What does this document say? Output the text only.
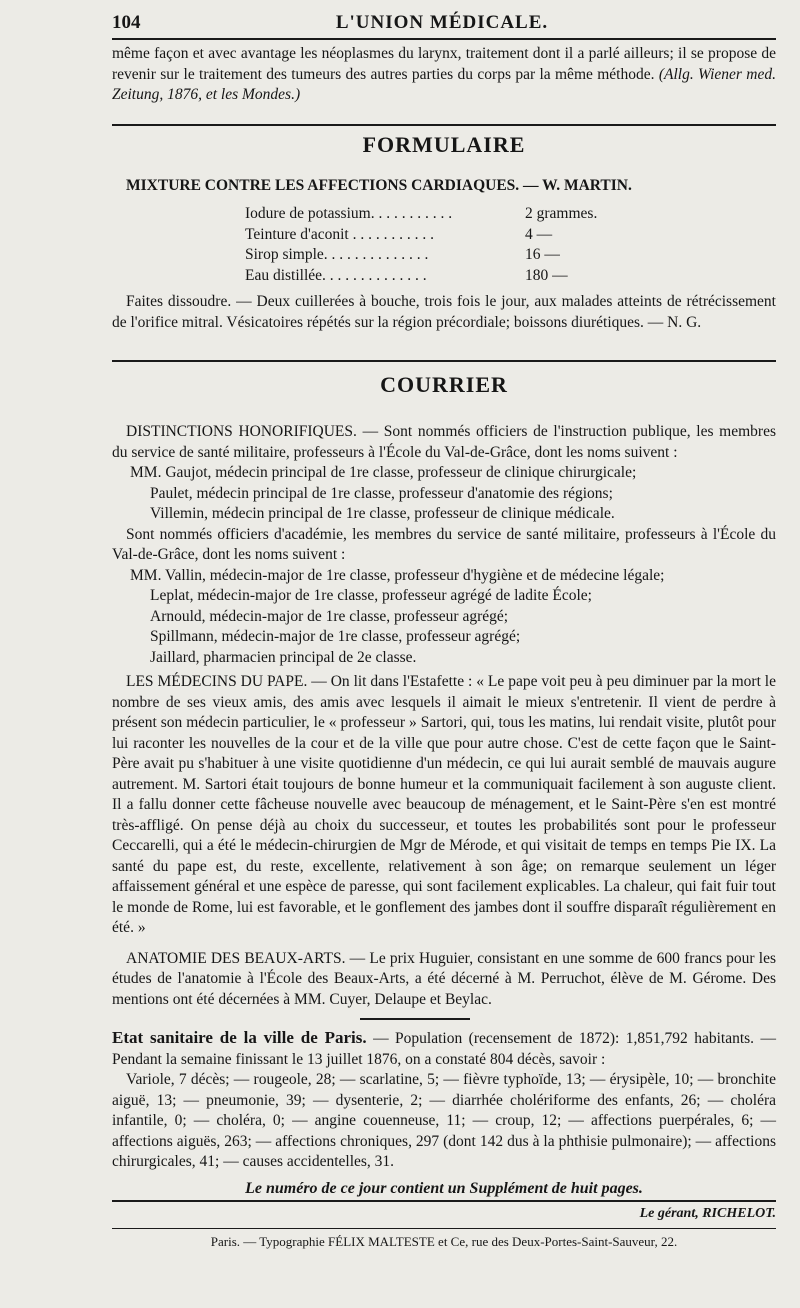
104	L'UNION MÉDICALE.

même façon et avec avantage les néoplasmes du larynx, traitement dont il a parlé ailleurs; il se propose de revenir sur le traitement des tumeurs des autres parties du corps par la même méthode. (Allg. Wiener med. Zeitung, 1876, et les Mondes.)

FORMULAIRE

MIXTURE CONTRE LES AFFECTIONS CARDIAQUES. — W. MARTIN.

Iodure de potassium. . . . . . . . . . .	2 grammes.
Teinture d'aconit . . . . . . . . . . .	4 —
Sirop simple. . . . . . . . . . . . . .	16 —
Eau distillée. . . . . . . . . . . . . .	180 —

Faites dissoudre. — Deux cuillerées à bouche, trois fois le jour, aux malades atteints de rétrécissement de l'orifice mitral. Vésicatoires répétés sur la région précordiale; boissons diurétiques. — N. G.

COURRIER

DISTINCTIONS HONORIFIQUES. — Sont nommés officiers de l'instruction publique, les membres du service de santé militaire, professeurs à l'École du Val-de-Grâce, dont les noms suivent :

MM. Gaujot, médecin principal de 1re classe, professeur de clinique chirurgicale;

Paulet, médecin principal de 1re classe, professeur d'anatomie des régions;

Villemin, médecin principal de 1re classe, professeur de clinique médicale.

Sont nommés officiers d'académie, les membres du service de santé militaire, professeurs à l'École du Val-de-Grâce, dont les noms suivent :

MM. Vallin, médecin-major de 1re classe, professeur d'hygiène et de médecine légale;

Leplat, médecin-major de 1re classe, professeur agrégé de ladite École;

Arnould, médecin-major de 1re classe, professeur agrégé;

Spillmann, médecin-major de 1re classe, professeur agrégé;

Jaillard, pharmacien principal de 2e classe.

LES MÉDECINS DU PAPE. — On lit dans l'Estafette : « Le pape voit peu à peu diminuer par la mort le nombre de ses vieux amis, des amis avec lesquels il aimait le mieux s'entretenir. Il vient de perdre à présent son médecin particulier, le « professeur » Sartori, qui, tous les matins, lui rendait visite, plutôt pour lui raconter les nouvelles de la cour et de la ville que pour autre chose. C'est de cette façon que le Saint-Père avait pu s'habituer à une visite quotidienne d'un médecin, ce qui lui aurait semblé de mauvais augure autrement. M. Sartori était toujours de bonne humeur et la communiquait facilement à son auguste client. Il a fallu donner cette fâcheuse nouvelle avec beaucoup de ménagement, et le Saint-Père s'en est montré très-affligé. On pense déjà au choix du successeur, et toutes les probabilités sont pour le professeur Ceccarelli, qui a été le médecin-chirurgien de Mgr de Mérode, et qui visitait de temps en temps Pie IX. La santé du pape est, du reste, excellente, relativement à son âge; on remarque seulement un léger affaissement général et une espèce de paresse, qui sont facilement explicables. La chaleur, qui fait fuir tout le monde de Rome, lui est favorable, et le gonflement des jambes dont il souffre disparaît régulièrement en été. »

ANATOMIE DES BEAUX-ARTS. — Le prix Huguier, consistant en une somme de 600 francs pour les études de l'anatomie à l'École des Beaux-Arts, a été décerné à M. Perruchot, élève de M. Gérome. Des mentions ont été décernées à MM. Cuyer, Delaupe et Beylac.

Etat sanitaire de la ville de Paris. — Population (recensement de 1872): 1,851,792 habitants. — Pendant la semaine finissant le 13 juillet 1876, on a constaté 804 décès, savoir :

Variole, 7 décès; — rougeole, 28; — scarlatine, 5; — fièvre typhoïde, 13; — érysipèle, 10; — bronchite aiguë, 13; — pneumonie, 39; — dysenterie, 2; — diarrhée cholériforme des enfants, 26; — choléra infantile, 0; — choléra, 0; — angine couenneuse, 11; — croup, 12; — affections puerpérales, 6; — affections aiguës, 263; — affections chroniques, 297 (dont 142 dus à la phthisie pulmonaire); — affections chirurgicales, 41; — causes accidentelles, 31.

Le numéro de ce jour contient un Supplément de huit pages.

Le gérant, RICHELOT.

Paris. — Typographie FÉLIX MALTESTE et Ce, rue des Deux-Portes-Saint-Sauveur, 22.
